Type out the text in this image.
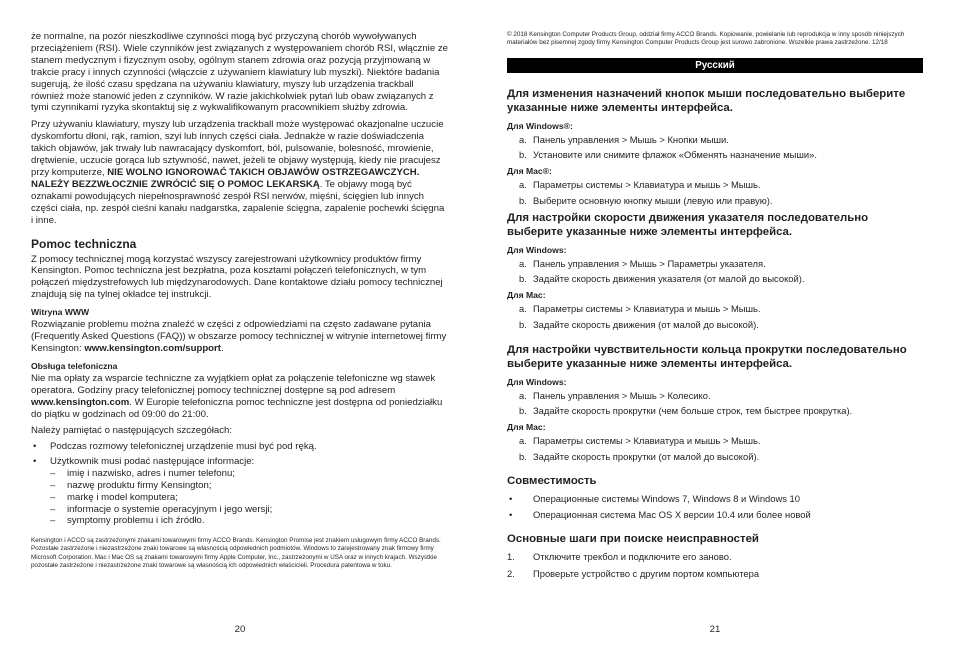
że normalne, na pozór nieszkodliwe czynności mogą być przyczyną chorób wywoływanych przeciążeniem (RSI). Wiele czynników jest związanych z występowaniem chorób RSI, włącznie ze stanem medycznym i fizycznym osoby, ogólnym stanem zdrowia oraz pozycją przyjmowaną w trakcie pracy i innych czynności (włączcie z używaniem klawiatury lub myszki). Niektóre badania sugerują, że ilość czasu spędzana na używaniu klawiatury, myszy lub urządzenia trackball również może stanowić jeden z czynników. W razie jakichkolwiek pytań lub obaw związanych z tymi czynnikami ryzyka skontaktuj się z wykwalifikowanym pracownikiem służby zdrowia.

Przy używaniu klawiatury, myszy lub urządzenia trackball może występować okazjonalne uczucie dyskomfortu dłoni, rąk, ramion, szyi lub innych części ciała. Jednakże w razie doświadczenia takich objawów, jak trwały lub nawracający dyskomfort, ból, pulsowanie, bolesność, mrowienie, drętwienie, uczucie gorąca lub sztywność, nawet, jeżeli te objawy występują, kiedy nie pracujesz przy komputerze, NIE WOLNO IGNOROWAĆ TAKICH OBJAWÓW OSTRZEGAWCZYCH. NALEŻY BEZZWŁOCZNIE ZWRÓCIĆ SIĘ O POMOC LEKARSKĄ. Te objawy mogą być oznakami powodujących niepełnosprawność zespół RSI nerwów, mięśni, ścięgien lub innych części ciała, np. zespół cieśni kanału nadgarstka, zapalenie ścięgna, zapalenie pochewki ścięgna i inne.

Pomoc techniczna

Z pomocy technicznej mogą korzystać wszyscy zarejestrowani użytkownicy produktów firmy Kensington. Pomoc techniczna jest bezpłatna, poza kosztami połączeń telefonicznych, w tym połączeń międzystrefowych lub międzynarodowych. Dane kontaktowe działu pomocy technicznej znajdują się na tylnej okładce tej instrukcji.

Witryna WWW

Rozwiązanie problemu można znaleźć w części z odpowiedziami na często zadawane pytania (Frequently Asked Questions (FAQ)) w obszarze pomocy technicznej w witrynie internetowej firmy Kensington: www.kensington.com/support.

Obsługa telefoniczna

Nie ma opłaty za wsparcie techniczne za wyjątkiem opłat za połączenie telefoniczne wg stawek operatora. Godziny pracy telefonicznej pomocy technicznej dostępne są pod adresem www.kensington.com. W Europie telefoniczna pomoc techniczne jest dostępna od poniedziałku do piątku w godzinach od 09:00 do 21:00.

Należy pamiętać o następujących szczegółach:

• Podczas rozmowy telefonicznej urządzenie musi być pod ręką.
• Użytkownik musi podać następujące informacje:
– imię i nazwisko, adres i numer telefonu;
– nazwę produktu firmy Kensington;
– markę i model komputera;
– informacje o systemie operacyjnym i jego wersji;
– symptomy problemu i ich źródło.

Kensington i ACCO są zastrzeżonymi znakami towarowymi firmy ACCO Brands. Kensington Promise jest znakiem usługowym firmy ACCO Brands. Pozostałe zastrzeżone i niezastrzeżone znaki towarowe są własnością odpowiednich podmiotów. Windows to zarejestrowany znak firmowy firmy Microsoft Corporation. Mac i Mac OS są znakami towarowymi firmy Apple Computer, Inc., zastrzeżonymi w USA oraz w innych krajach. Wszystkie pozostałe zastrzeżone i niezastrzeżone znaki towarowe są własnością ich odpowiednich właścicieli. Procedura patentowa w toku.

20

© 2018 Kensington Computer Products Group, oddział firmy ACCO Brands. Kopiowanie, powielanie lub reprodukcja w inny sposób niniejszych materiałów bez pisemnej zgody firmy Kensington Computer Products Group jest surowo zabronione. Wszelkie prawa zastrzeżone. 12/18

Русский
Для изменения назначений кнопок мыши последовательно выберите указанные ниже элементы интерфейса.
Для Windows®:
a. Панель управления > Мышь > Кнопки мыши.
b. Установите или снимите флажок «Обменять назначение мыши».
Для Mac®:
a. Параметры системы > Клавиатура и мышь > Мышь.
b. Выберите основную кнопку мыши (левую или правую).
Для настройки скорости движения указателя последовательно выберите указанные ниже элементы интерфейса.
Для Windows:
a. Панель управления > Мышь > Параметры указателя.
b. Задайте скорость движения указателя (от малой до высокой).
Для Mac:
a. Параметры системы > Клавиатура и мышь > Мышь.
b. Задайте скорость движения (от малой до высокой).
Для настройки чувствительности кольца прокрутки последовательно выберите указанные ниже элементы интерфейса.
Для Windows:
a. Панель управления > Мышь > Колесико.
b. Задайте скорость прокрутки (чем больше строк, тем быстрее прокрутка).
Для Mac:
a. Параметры системы > Клавиатура и мышь > Мышь.
b. Задайте скорость прокрутки (от малой до высокой).
Совместимость
• Операционные системы Windows 7, Windows 8 и Windows 10
• Операционная система Mac OS X версии 10.4 или более новой
Основные шаги при поиске неисправностей
1. Отключите трекбол и подключите его заново.
2. Проверьте устройство с другим портом компьютера
21
